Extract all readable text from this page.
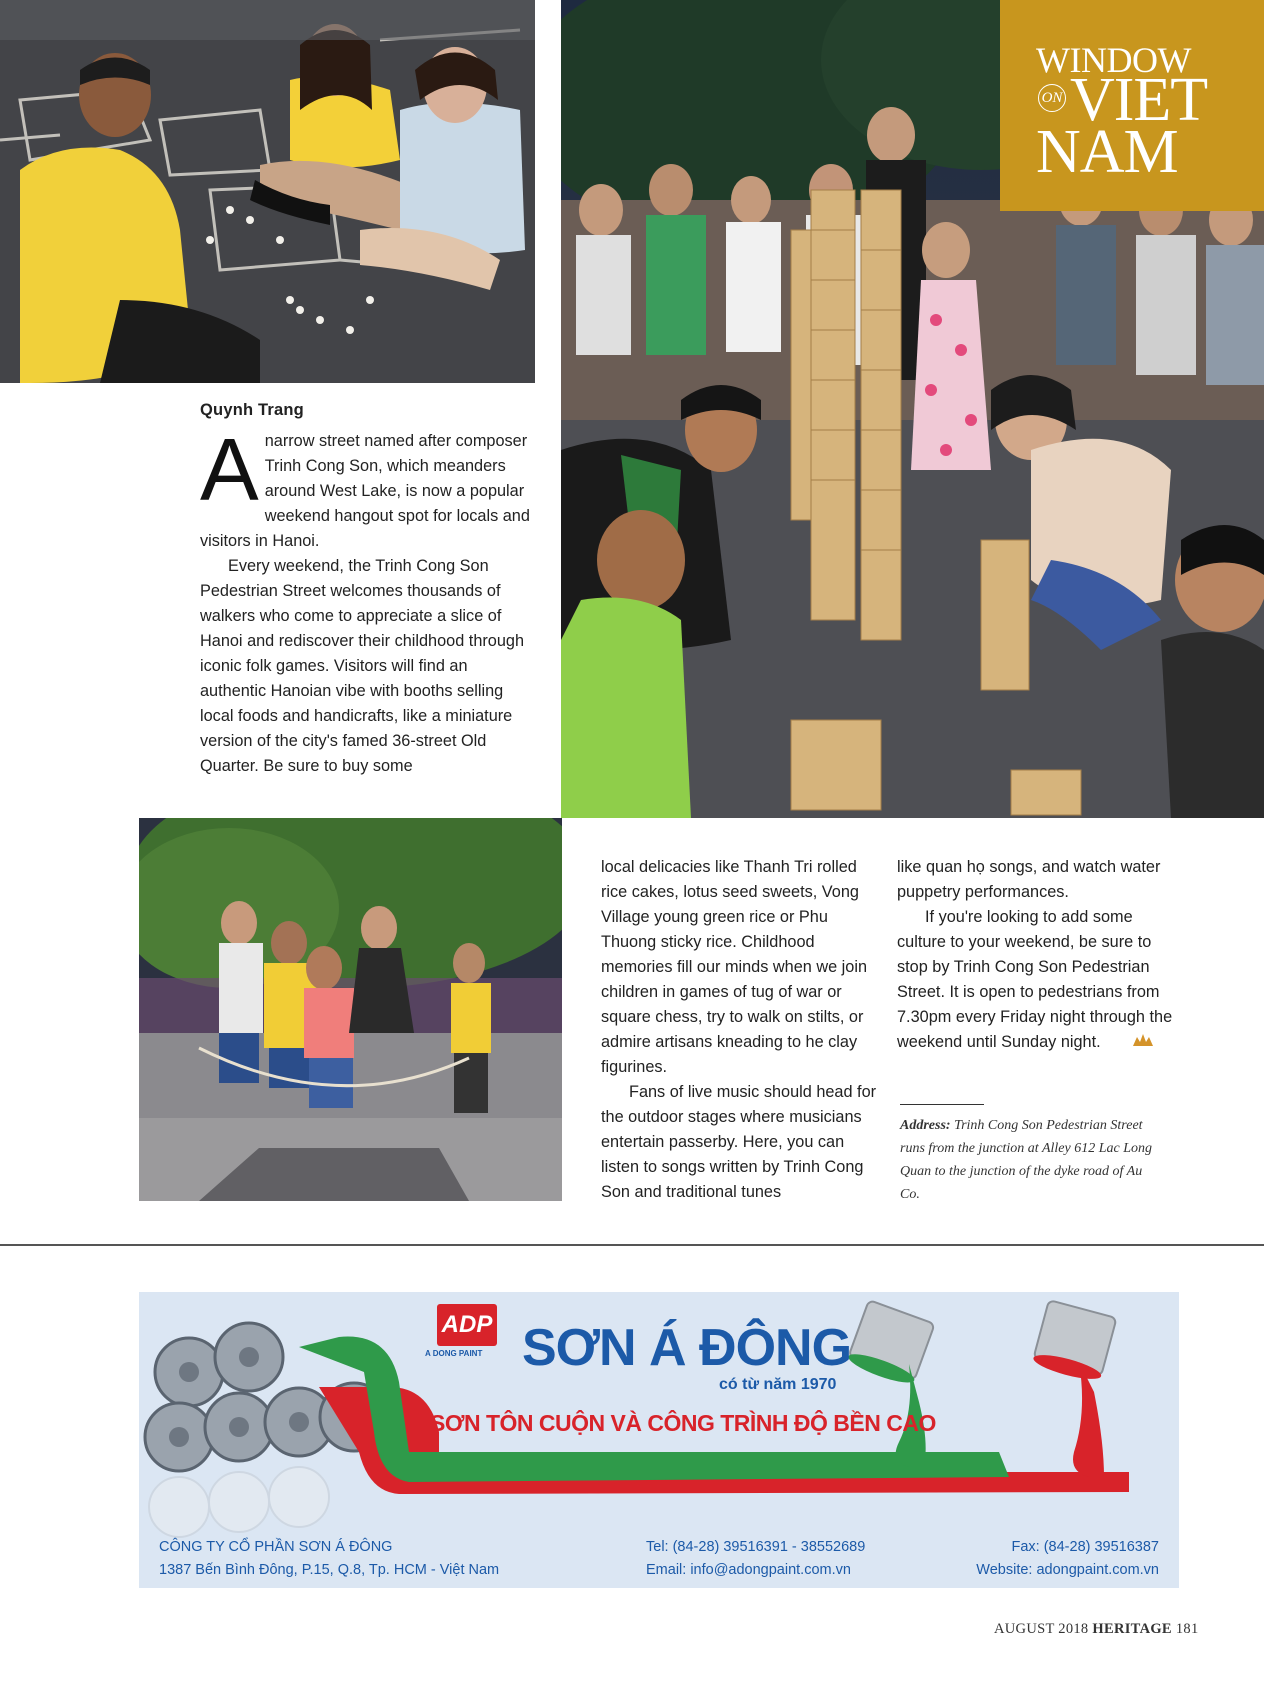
WINDOW
ON VIET
NAM
Quynh Trang

Anarrow street named after composer Trinh Cong Son, which meanders around West Lake, is now a popular weekend hangout spot for locals and visitors in Hanoi.

Every weekend, the Trinh Cong Son Pedestrian Street welcomes thousands of walkers who come to appreciate a slice of Hanoi and rediscover their childhood through iconic folk games. Visitors will find an authentic Hanoian vibe with booths selling local foods and handicrafts, like a miniature version of the city's famed 36-street Old Quarter. Be sure to buy some

local delicacies like Thanh Tri rolled rice cakes, lotus seed sweets, Vong Village young green rice or Phu Thuong sticky rice. Childhood memories fill our minds when we join children in games of tug of war or square chess, try to walk on stilts, or admire artisans kneading to he clay figurines.

Fans of live music should head for the outdoor stages where musicians entertain passerby. Here, you can listen to songs written by Trinh Cong Son and traditional tunes

like quan họ songs, and watch water puppetry performances.

If you're looking to add some culture to your weekend, be sure to stop by Trinh Cong Son Pedestrian Street. It is open to pedestrians from 7.30pm every Friday night through the weekend until Sunday night.

Address: Trinh Cong Son Pedestrian Street runs from the junction at Alley 612 Lac Long Quan to the junction of the dyke road of Au Co.
ADP
A DONG PAINT SƠN Á ĐÔNG
có từ năm 1970
SƠN TÔN CUỘN VÀ CÔNG TRÌNH ĐỘ BỀN CAO
CÔNG TY CỔ PHẦN SƠN Á ĐÔNG
1387 Bến Bình Đông, P.15, Q.8, Tp. HCM - Việt Nam
Tel: (84-28) 39516391 - 38552689
Email: info@adongpaint.com.vn
Fax: (84-28) 39516387
Website: adongpaint.com.vn
AUGUST 2018 HERITAGE 181
